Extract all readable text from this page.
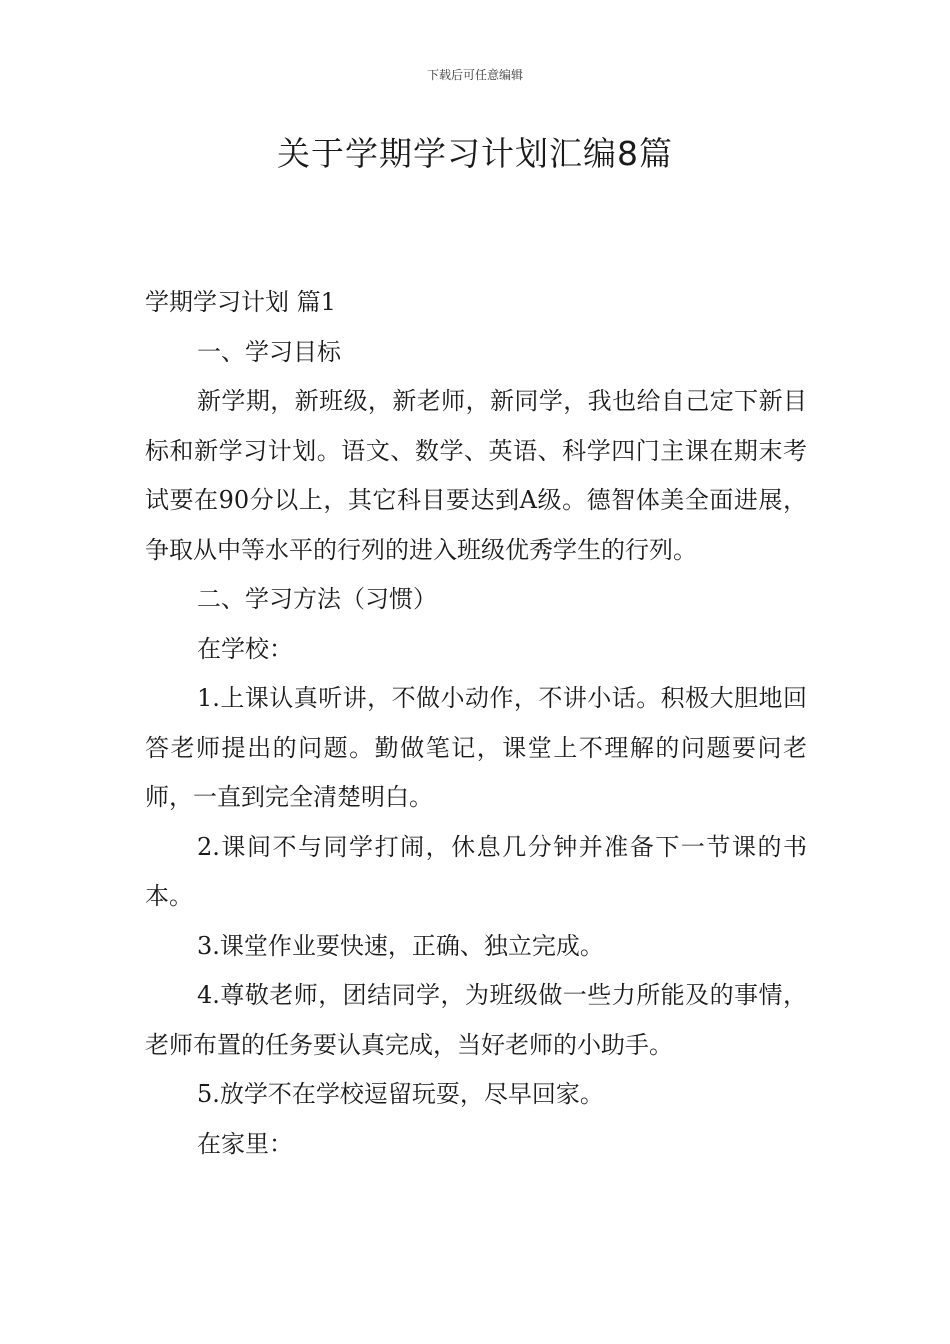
下载后可任意编辑
关于学期学习计划汇编8篇

学期学习计划 篇1

一、学习目标

新学期，新班级，新老师，新同学，我也给自己定下新目标和新学习计划。语文、数学、英语、科学四门主课在期末考试要在90分以上，其它科目要达到A级。德智体美全面进展，争取从中等水平的行列的进入班级优秀学生的行列。

二、学习方法（习惯）

在学校：

1.上课认真听讲，不做小动作，不讲小话。积极大胆地回答老师提出的问题。勤做笔记，课堂上不理解的问题要问老师，一直到完全清楚明白。

2.课间不与同学打闹，休息几分钟并准备下一节课的书本。

3.课堂作业要快速，正确、独立完成。

4.尊敬老师，团结同学，为班级做一些力所能及的事情，老师布置的任务要认真完成，当好老师的小助手。

5.放学不在学校逗留玩耍，尽早回家。

在家里：
